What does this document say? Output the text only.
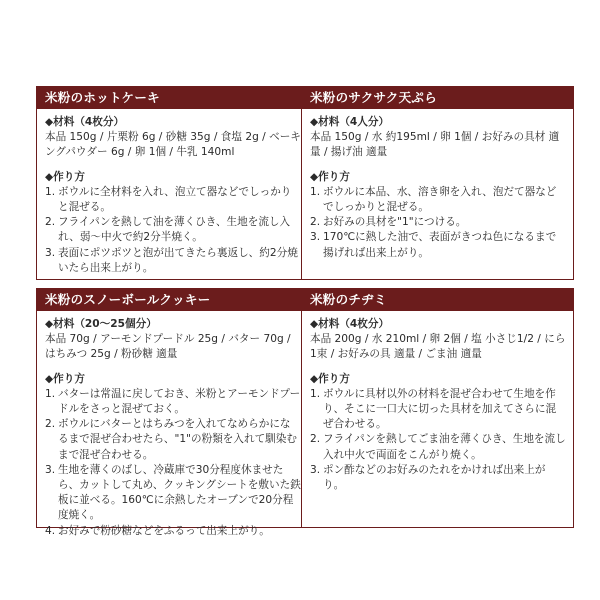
米粉のホットケーキ

◆材料（4枚分）

本品 150g / 片栗粉 6g / 砂糖 35g / 食塩 2g / ベーキングパウダー 6g / 卵 1個 / 牛乳 140ml

◆作り方

1. ボウルに全材料を入れ、泡立て器などでしっかりと混ぜる。
2. フライパンを熱して油を薄くひき、生地を流し入れ、弱～中火で約2分半焼く。
3. 表面にポツポツと泡が出てきたら裏返し、約2分焼いたら出来上がり。
米粉のサクサク天ぷら

◆材料（4人分）

本品 150g / 水 約195ml / 卵 1個 / お好みの具材 適量 / 揚げ油 適量

◆作り方

1. ボウルに本品、水、溶き卵を入れ、泡だて器などでしっかりと混ぜる。
2. お好みの具材を"1"につける。
3. 170℃に熱した油で、表面がきつね色になるまで揚げれば出来上がり。
米粉のスノーボールクッキー

◆材料（20～25個分）

本品 70g / アーモンドプードル 25g / バター 70g / はちみつ 25g / 粉砂糖 適量

◆作り方

1. バターは常温に戻しておき、米粉とアーモンドプードルをさっと混ぜておく。
2. ボウルにバターとはちみつを入れてなめらかになるまで混ぜ合わせたら、"1"の粉類を入れて馴染むまで混ぜ合わせる。
3. 生地を薄くのばし、冷蔵庫で30分程度休ませたら、カットして丸め、クッキングシートを敷いた鉄板に並べる。160℃に余熱したオーブンで20分程度焼く。
4. お好みで粉砂糖などをふるって出来上がり。
米粉のチヂミ

◆材料（4枚分）

本品 200g / 水 210ml / 卵 2個 / 塩 小さじ1/2 / にら 1束 / お好みの具 適量 / ごま油 適量

◆作り方

1. ボウルに具材以外の材料を混ぜ合わせて生地を作り、そこに一口大に切った具材を加えてさらに混ぜ合わせる。
2. フライパンを熱してごま油を薄くひき、生地を流し入れ中火で両面をこんがり焼く。
3. ポン酢などのお好みのたれをかければ出来上がり。
